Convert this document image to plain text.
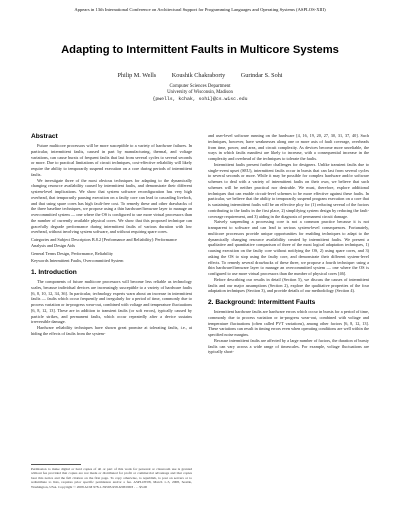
Appears in 13th International Conference on Architectural Support for Programming Languages and Operating Systems (ASPLOS-XIII)
Adapting to Intermittent Faults in Multicore Systems
Philip M. Wells	Koushik Chakraborty	Gurindar S. Sohi
Computer Sciences Department
University of Wisconsin, Madison
{pwells, kchak, sohi}@cs.wisc.edu
Abstract

Future multicore processors will be more susceptible to a variety of hardware failures. In particular, intermittent faults, caused in part by manufacturing, thermal, and voltage variations, can cause bursts of frequent faults that last from several cycles to several seconds or more. Due to practical limitations of circuit techniques, cost-effective reliability will likely require the ability to temporarily suspend execution on a core during periods of intermittent faults.

We investigate three of the most obvious techniques for adapting to the dynamically changing resource availability caused by intermittent faults, and demonstrate their different system-level implications. We show that system software reconfiguration has very high overhead, that temporarily pausing execution on a faulty core can lead to cascading livelock, and that using spare cores has high fault-free cost. To remedy these and other drawbacks of the three baseline techniques, we propose using a thin hardware/firmware layer to manage an overcommitted system — one where the OS is configured to use more virtual processors than the number of currently available physical cores. We show that this proposed technique can gracefully degrade performance during intermittent faults of various duration with low overhead, without involving system software, and without requiring spare cores.

Categories and Subject Descriptors B.8.2 [Performance and Reliability]: Performance Analysis and Design Aids

General Terms Design, Performance, Reliability

Keywords Intermittent Faults, Overcommitted System

1. Introduction

The components of future multicore processors will become less reliable as technology scales, because individual devices are increasingly susceptible to a variety of hardware faults [6, 8, 10, 12, 34, 36]. In particular, technology experts warn about an increase in intermittent faults — faults which occur frequently and irregularly for a period of time, commonly due to process variation or in-progress wear-out, combined with voltage and temperature fluctuations [6, 8, 12, 13]. These are in addition to transient faults (or soft errors), typically caused by particle strikes, and permanent faults, which occur repeatedly after a device sustains irreversible damage.

Hardware reliability techniques have shown great promise at tolerating faults, i.e., at hiding the effects of faults from the system-

Permission to make digital or hard copies of all or part of this work for personal or classroom use is granted without fee provided that copies are not made or distributed for profit or commercial advantage and that copies bear this notice and the full citation on the first page. To copy otherwise, to republish, to post on servers or to redistribute to lists, requires prior specific permission and/or a fee. ASPLOS'08, March 1–5, 2008, Seattle, Washington, USA. Copyright © 2008 ACM 978-1-59593-958-6/08/0003 . . . $5.00

and user-level software running on the hardware [4, 16, 19, 20, 27, 30, 31, 37, 40]. Such techniques, however, have weaknesses along one or more axis of fault coverage, overheads from time, power, and area, and circuit complexity. As devices become more unreliable, the ways in which faults manifest are likely to increase, with a consequential increase in the complexity and overhead of the techniques to tolerate the faults.

Intermittent faults present further challenges for designers. Unlike transient faults due to single-event upset (SEU), intermittent faults occur in bursts that can last from several cycles to several seconds or more. While it may be possible for complex hardware and/or software schemes to deal with a variety of intermittent faults on their own, we believe that such schemes will be neither practical nor desirable. We must, therefore, explore additional techniques that can enable circuit-level schemes to be more effective against these faults. In particular, we believe that the ability to temporarily suspend program execution on a core that is sustaining intermittent faults will be an effective ploy for (1) reducing several of the factors contributing to the faults in the first place, 2) simplifying system design by reducing the fault-coverage requirement, and 3) aiding in the diagnosis of permanent circuit damage.

Naively suspending a processing core is not a common practice because it is not transparent to software and can lead to serious system-level consequences. Fortunately, multicore processors provide unique opportunities for enabling techniques to adapt to the dynamically changing resource availability created by intermittent faults. We present a qualitative and quantitative comparison of three of the most logical adaptation techniques, 1) causing execution on the faulty core without notifying the OS, 2) using spare cores, and 3) asking the OS to stop using the faulty core, and demonstrate their different system-level effects. To remedy several drawbacks of these three, we propose a fourth technique: using a thin hardware/firmware layer to manage an overcommitted system — one where the OS is configured to use more virtual processors than the number of physical cores [46].

Before describing our results in detail (Section 5), we discuss the causes of intermittent faults and our major assumptions (Section 2), explore the qualitative properties of the four adaptation techniques (Section 3), and provide details of our methodology (Section 4).

2. Background: Intermittent Faults

Intermittent hardware faults are hardware errors which occur in bursts for a period of time, commonly due to process variation or in-progress wear-out, combined with voltage and temperature fluctuations (often called PVT variations), among other factors [6, 8, 12, 13]. These variations can result in timing errors even when operating conditions are well within the specified noise margins.

Because intermittent faults are affected by a large number of factors, the duration of bursty faults can vary across a wide range of timescales. For example, voltage fluctuations are typically short-
